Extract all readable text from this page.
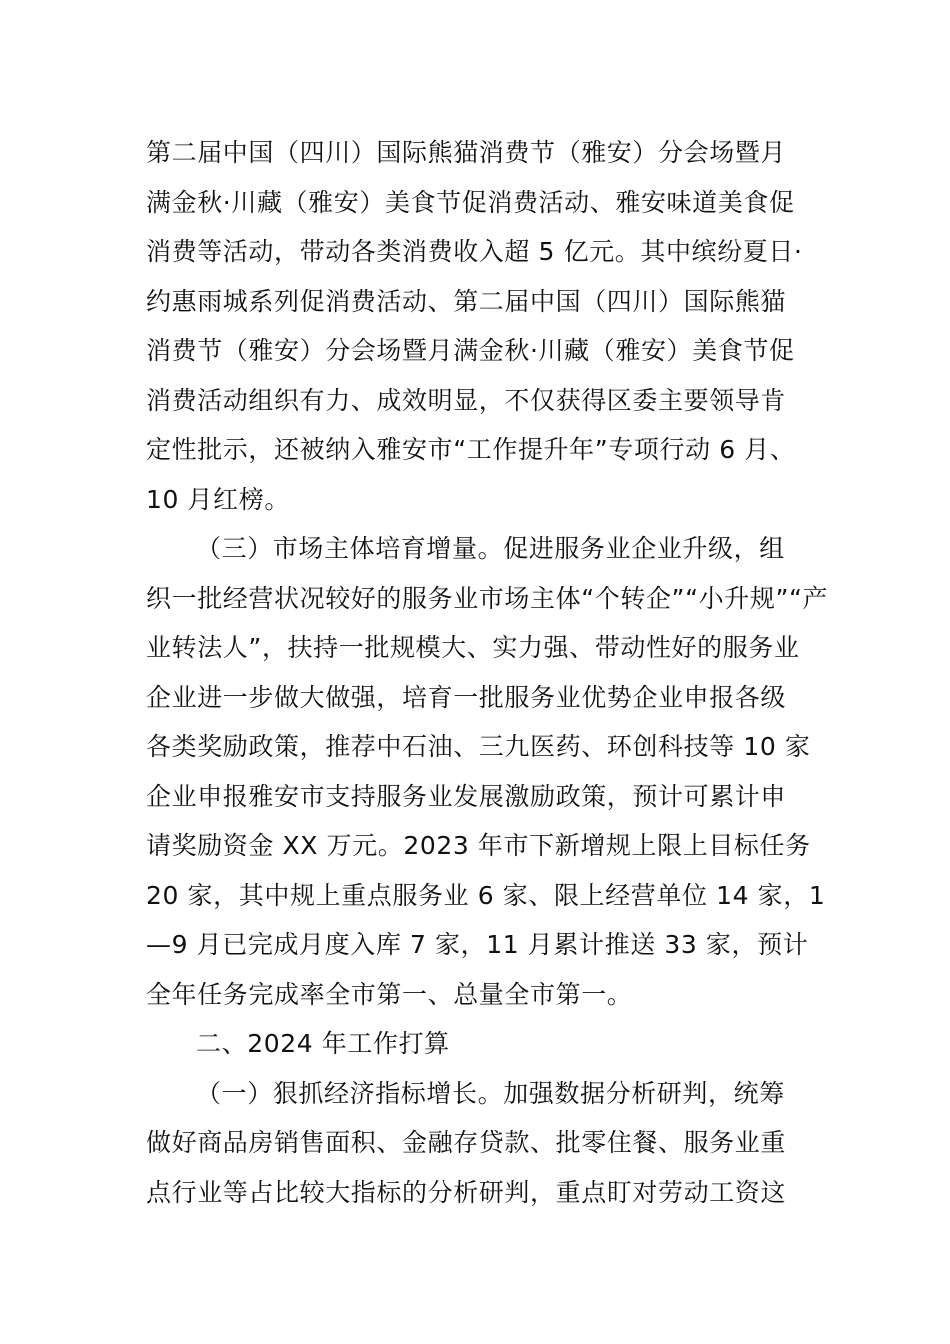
第二届中国（四川）国际熊猫消费节（雅安）分会场暨月
满金秋·川藏（雅安）美食节促消费活动、雅安味道美食促
消费等活动，带动各类消费收入超 5 亿元。其中缤纷夏日·
约惠雨城系列促消费活动、第二届中国（四川）国际熊猫
消费节（雅安）分会场暨月满金秋·川藏（雅安）美食节促
消费活动组织有力、成效明显，不仅获得区委主要领导肯
定性批示，还被纳入雅安市“工作提升年”专项行动 6 月、
10 月红榜。
（三）市场主体培育增量。促进服务业企业升级，组
织一批经营状况较好的服务业市场主体“个转企”“小升规”“产
业转法人”，扶持一批规模大、实力强、带动性好的服务业
企业进一步做大做强，培育一批服务业优势企业申报各级
各类奖励政策，推荐中石油、三九医药、环创科技等 10 家
企业申报雅安市支持服务业发展激励政策，预计可累计申
请奖励资金 XX 万元。2023 年市下新增规上限上目标任务
20 家，其中规上重点服务业 6 家、限上经营单位 14 家，1
—9 月已完成月度入库 7 家，11 月累计推送 33 家，预计
全年任务完成率全市第一、总量全市第一。
二、2024 年工作打算
（一）狠抓经济指标增长。加强数据分析研判，统筹
做好商品房销售面积、金融存贷款、批零住餐、服务业重
点行业等占比较大指标的分析研判，重点盯对劳动工资这
